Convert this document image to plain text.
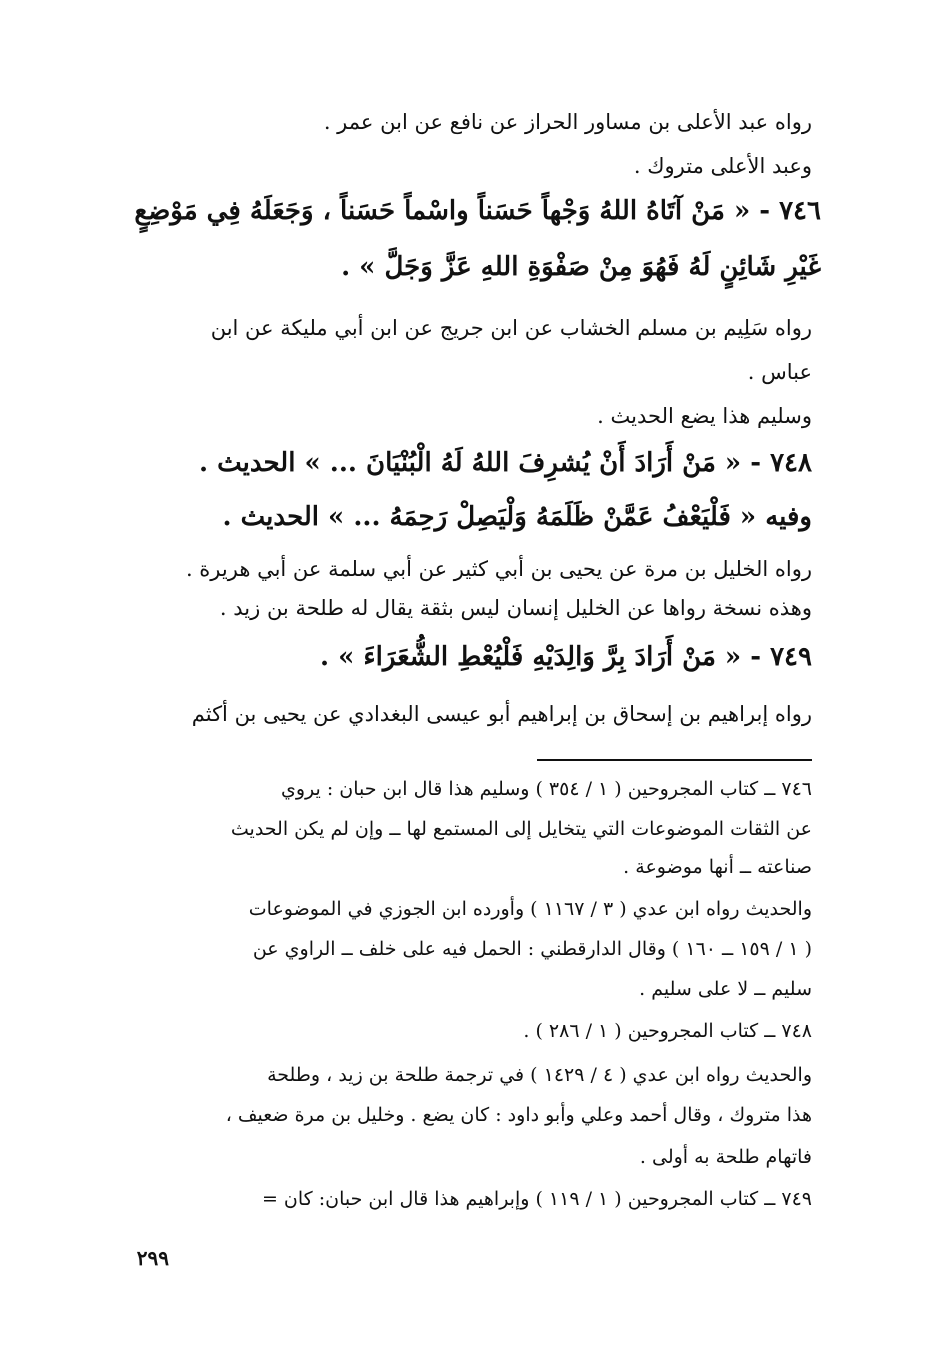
رواه عبد الأعلى بن مساور الحراز عن نافع عن ابن عمر .
وعبد الأعلى متروك .
٧٤٦ - « مَنْ آتَاهُ اللهُ وَجْهاً حَسَناً واسْماً حَسَناً ، وَجَعَلَهُ فِي مَوْضِعٍ
غَيْرِ شَائِنٍ لَهُ فَهُوَ مِنْ صَفْوَةِ اللهِ عَزَّ وَجَلَّ » .
رواه سَلِيم بن مسلم الخشاب عن ابن جريج عن ابن أبي مليكة عن ابن
عباس .
وسليم هذا يضع الحديث .
٧٤٨ - « مَنْ أَرَادَ أَنْ يُشرِفَ اللهُ لَهُ الْبُنْيَانَ ... » الحديث .
وفيه « فَلْيَعْفُ عَمَّنْ ظَلَمَهُ وَلْيَصِلْ رَحِمَهُ ... » الحديث .
رواه الخليل بن مرة عن يحيى بن أبي كثير عن أبي سلمة عن أبي هريرة .
وهذه نسخة رواها عن الخليل إنسان ليس بثقة يقال له طلحة بن زيد .
٧٤٩ - « مَنْ أَرَادَ بِرَّ وَالِدَيْهِ فَلْيُعْطِ الشُّعَرَاءَ » .
رواه إبراهيم بن إسحاق بن إبراهيم أبو عيسى البغدادي عن يحيى بن أكثم
٧٤٦ ــ كتاب المجروحين ( ١ / ٣٥٤ ) وسليم هذا قال ابن حبان : يروي
عن الثقات الموضوعات التي يتخايل إلى المستمع لها ــ وإن لم يكن الحديث
صناعته ــ أنها موضوعة .
والحديث رواه ابن عدي ( ٣ / ١١٦٧ ) وأورده ابن الجوزي في الموضوعات
( ١ / ١٥٩ ــ ١٦٠ ) وقال الدارقطني : الحمل فيه على خلف ــ الراوي عن
سليم ــ لا على سليم .
٧٤٨ ــ كتاب المجروحين ( ١ / ٢٨٦ ) .
والحديث رواه ابن عدي ( ٤ / ١٤٢٩ ) في ترجمة طلحة بن زيد ، وطلحة
هذا متروك ، وقال أحمد وعلي وأبو داود : كان يضع . وخليل بن مرة ضعيف ،
فاتهام طلحة به أولى .
٧٤٩ ــ كتاب المجروحين ( ١ / ١١٩ ) وإبراهيم هذا قال ابن حبان: كان =
٢٩٩
